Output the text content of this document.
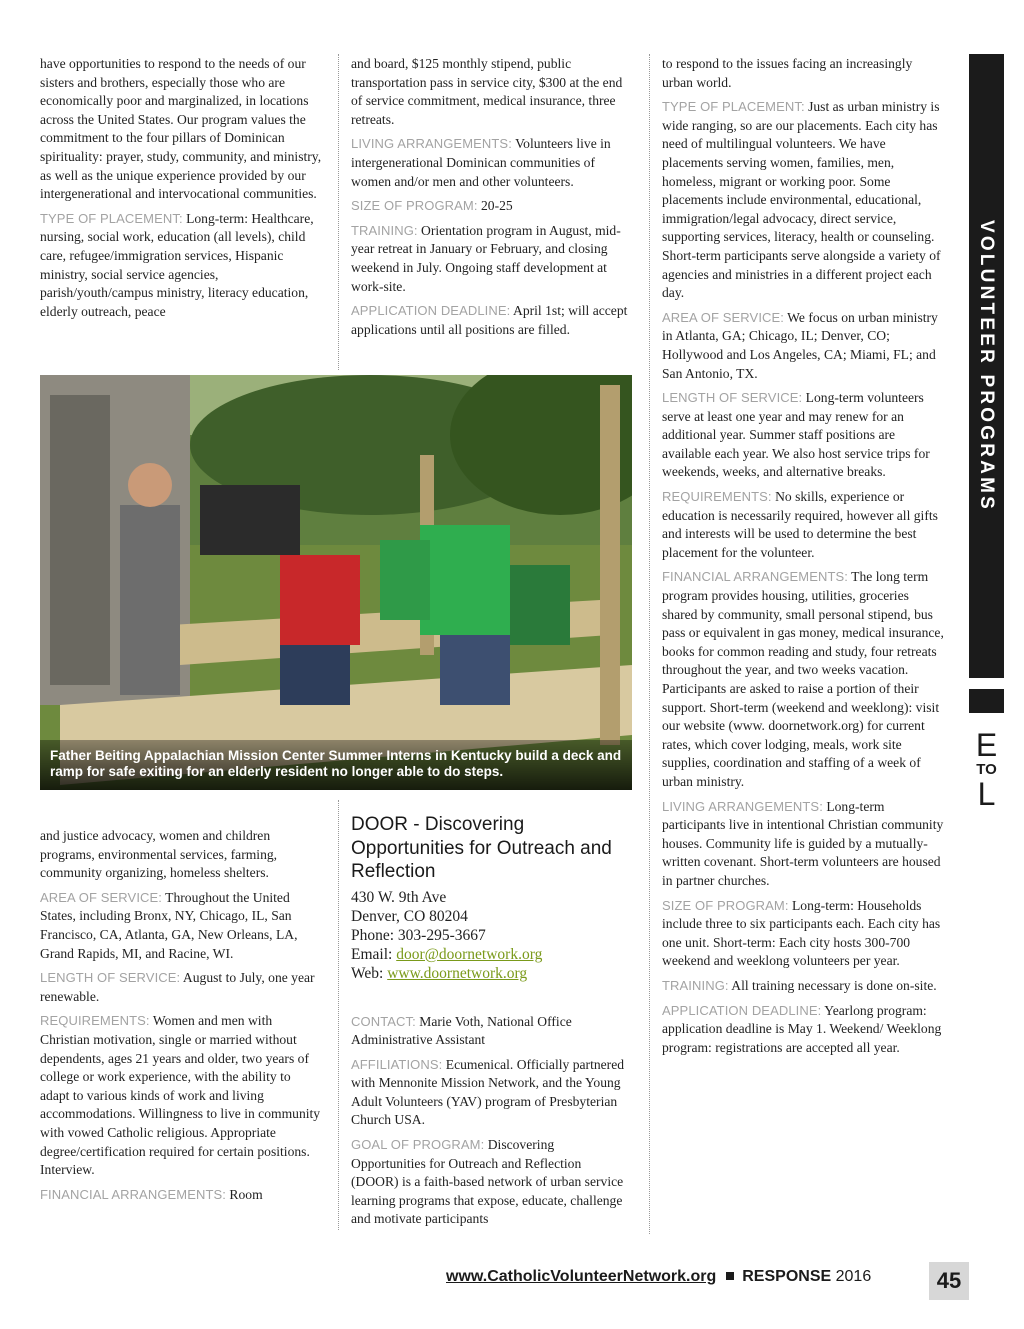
have opportunities to respond to the needs of our sisters and brothers, especially those who are economically poor and marginalized, in locations across the United States. Our program values the commitment to the four pillars of Dominican spirituality: prayer, study, community, and ministry, as well as the unique experience provided by our intergenerational and intervocational communities.

TYPE OF PLACEMENT: Long-term: Healthcare, nursing, social work, education (all levels), child care, refugee/immigration services, Hispanic ministry, social service agencies, parish/youth/campus ministry, literacy education, elderly outreach, peace

and board, $125 monthly stipend, public transportation pass in service city, $300 at the end of service commitment, medical insurance, three retreats.

LIVING ARRANGEMENTS: Volunteers live in intergenerational Dominican communities of women and/or men and other volunteers.

SIZE OF PROGRAM: 20-25

TRAINING: Orientation program in August, mid-year retreat in January or February, and closing weekend in July. Ongoing staff development at work-site.

APPLICATION DEADLINE: April 1st; will accept applications until all positions are filled.

Father Beiting Appalachian Mission Center Summer Interns in Kentucky build a deck and ramp for safe exiting for an elderly resident no longer able to do steps.

and justice advocacy, women and children programs, environmental services, farming, community organizing, homeless shelters.

AREA OF SERVICE: Throughout the United States, including Bronx, NY, Chicago, IL, San Francisco, CA, Atlanta, GA, New Orleans, LA, Grand Rapids, MI, and Racine, WI.

LENGTH OF SERVICE: August to July, one year renewable.

REQUIREMENTS: Women and men with Christian motivation, single or married without dependents, ages 21 years and older, two years of college or work experience, with the ability to adapt to various kinds of work and living accommodations. Willingness to live in community with vowed Catholic religious. Appropriate degree/certification required for certain positions. Interview.

FINANCIAL ARRANGEMENTS: Room

DOOR - Discovering Opportunities for Outreach and Reflection
430 W. 9th Ave
Denver, CO 80204
Phone: 303-295-3667
Email: door@doornetwork.org
Web: www.doornetwork.org

CONTACT: Marie Voth, National Office Administrative Assistant

AFFILIATIONS: Ecumenical. Officially partnered with Mennonite Mission Network, and the Young Adult Volunteers (YAV) program of Presbyterian Church USA.

GOAL OF PROGRAM: Discovering Opportunities for Outreach and Reflection (DOOR) is a faith-based network of urban service learning programs that expose, educate, challenge and motivate participants

to respond to the issues facing an increasingly urban world.

TYPE OF PLACEMENT: Just as urban ministry is wide ranging, so are our placements. Each city has need of multilingual volunteers. We have placements serving women, families, men, homeless, migrant or working poor. Some placements include environmental, educational, immigration/legal advocacy, direct service, supporting services, literacy, health or counseling. Short-term participants serve alongside a variety of agencies and ministries in a different project each day.

AREA OF SERVICE: We focus on urban ministry in Atlanta, GA; Chicago, IL; Denver, CO; Hollywood and Los Angeles, CA; Miami, FL; and San Antonio, TX.

LENGTH OF SERVICE: Long-term volunteers serve at least one year and may renew for an additional year. Summer staff positions are available each year. We also host service trips for weekends, weeks, and alternative breaks.

REQUIREMENTS: No skills, experience or education is necessarily required, however all gifts and interests will be used to determine the best placement for the volunteer.

FINANCIAL ARRANGEMENTS: The long term program provides housing, utilities, groceries shared by community, small personal stipend, bus pass or equivalent in gas money, medical insurance, books for common reading and study, four retreats throughout the year, and two weeks vacation. Participants are asked to raise a portion of their support. Short-term (weekend and weeklong): visit our website (www. doornetwork.org) for current rates, which cover lodging, meals, work site supplies, coordination and staffing of a week of urban ministry.

LIVING ARRANGEMENTS: Long-term participants live in intentional Christian community houses. Community life is guided by a mutually-written covenant. Short-term volunteers are housed in partner churches.

SIZE OF PROGRAM: Long-term: Households include three to six participants each. Each city has one unit. Short-term: Each city hosts 300-700 weekend and weeklong volunteers per year.

TRAINING: All training necessary is done on-site.

APPLICATION DEADLINE: Yearlong program: application deadline is May 1. Weekend/ Weeklong program: registrations are accepted all year.

VOLUNTEER PROGRAMS
E
TO
L
www.CatholicVolunteerNetwork.org RESPONSE 2016	45
